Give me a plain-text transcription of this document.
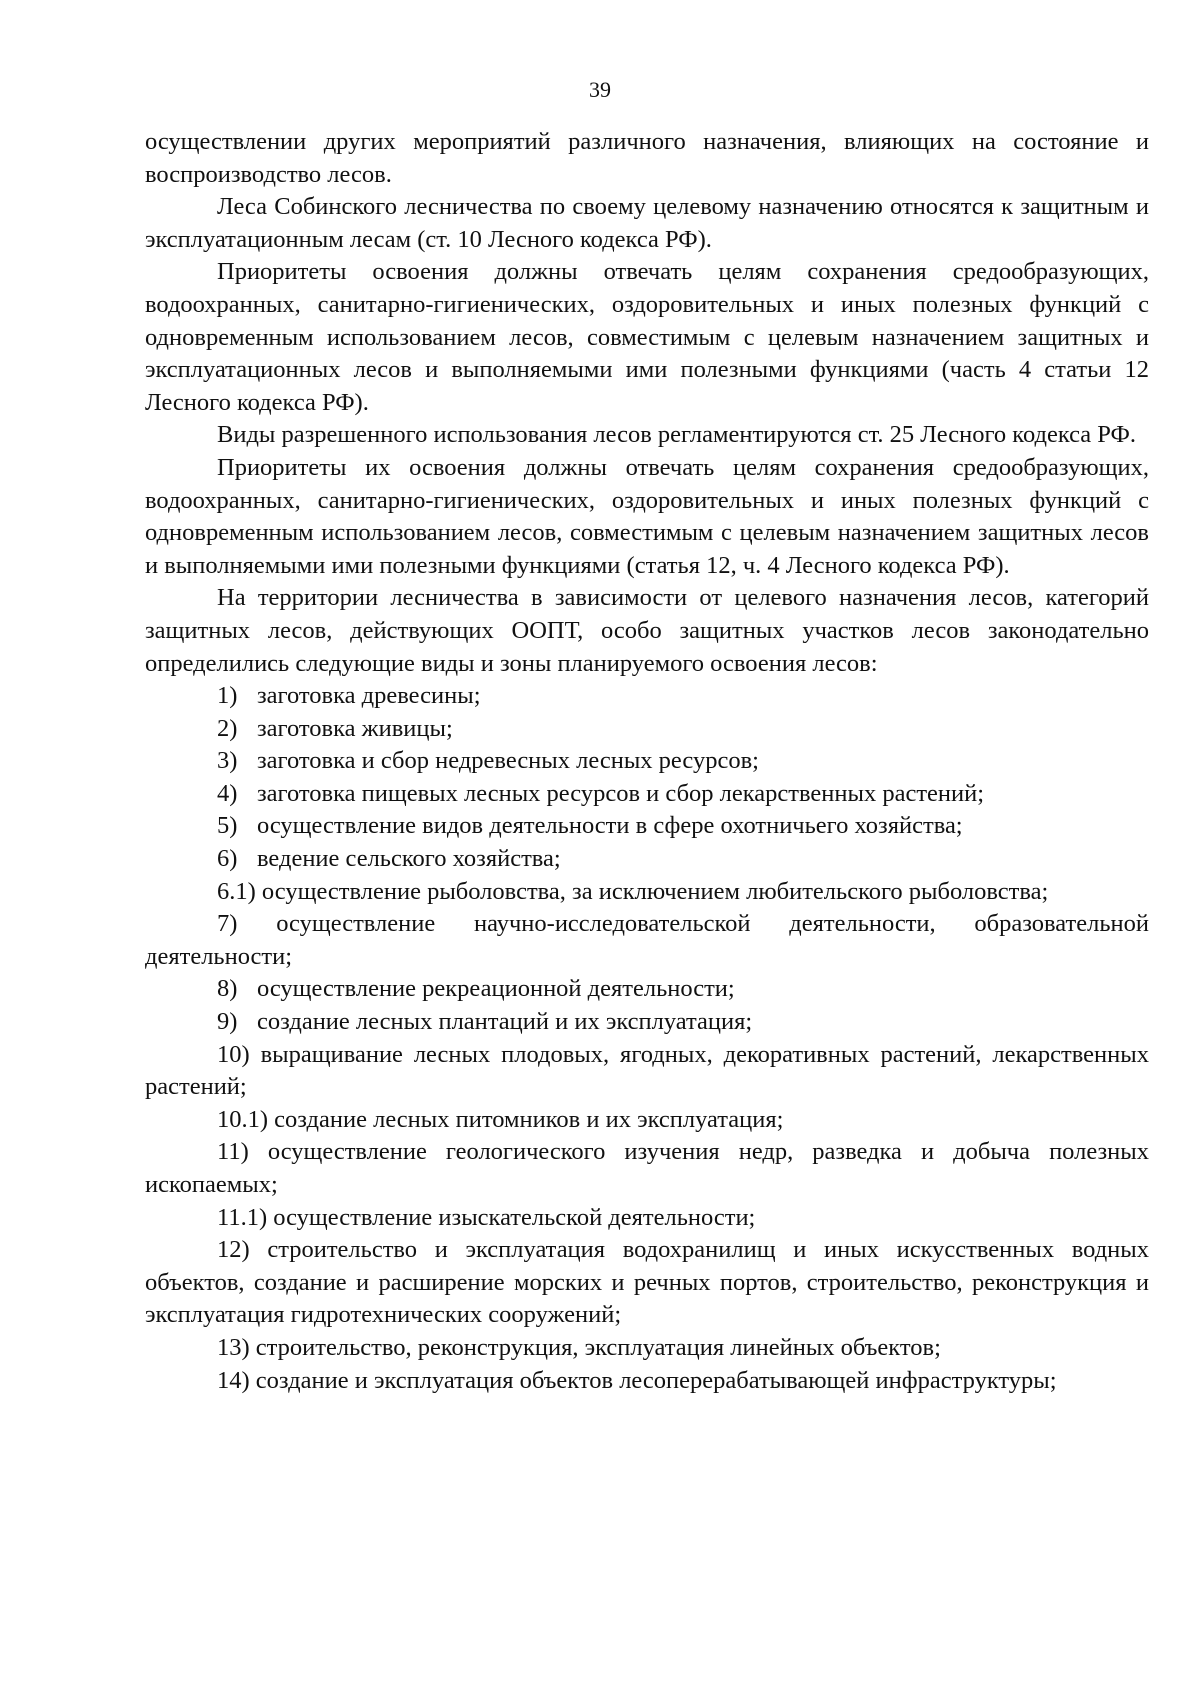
39

осуществлении других мероприятий различного назначения, влияющих на состояние и воспроизводство лесов.

Леса Собинского лесничества по своему целевому назначению относятся к защитным и эксплуатационным лесам (ст. 10 Лесного кодекса РФ).

Приоритеты освоения должны отвечать целям сохранения средообразующих, водоохранных, санитарно-гигиенических, оздоровительных и иных полезных функций с одновременным использованием лесов, совместимым с целевым назначением защитных и эксплуатационных лесов и выполняемыми ими полезными функциями (часть 4 статьи 12 Лесного кодекса РФ).

Виды разрешенного использования лесов регламентируются ст. 25 Лесного кодекса РФ.

Приоритеты их освоения должны отвечать целям сохранения средообразующих, водоохранных, санитарно-гигиенических, оздоровительных и иных полезных функций с одновременным использованием лесов, совместимым с целевым назначением защитных лесов и выполняемыми ими полезными функциями (статья 12, ч. 4 Лесного кодекса РФ).

На территории лесничества в зависимости от целевого назначения лесов, категорий защитных лесов, действующих ООПТ, особо защитных участков лесов законодательно определились следующие виды и зоны планируемого освоения лесов:

1) заготовка древесины;

2) заготовка живицы;

3) заготовка и сбор недревесных лесных ресурсов;

4) заготовка пищевых лесных ресурсов и сбор лекарственных растений;

5) осуществление видов деятельности в сфере охотничьего хозяйства;

6) ведение сельского хозяйства;

6.1) осуществление рыболовства, за исключением любительского рыболовства;

7) осуществление научно-исследовательской деятельности, образовательной деятельности;

8) осуществление рекреационной деятельности;

9) создание лесных плантаций и их эксплуатация;

10) выращивание лесных плодовых, ягодных, декоративных растений, лекарственных растений;

10.1) создание лесных питомников и их эксплуатация;

11) осуществление геологического изучения недр, разведка и добыча полезных ископаемых;

11.1) осуществление изыскательской деятельности;

12) строительство и эксплуатация водохранилищ и иных искусственных водных объектов, создание и расширение морских и речных портов, строительство, реконструкция и эксплуатация гидротехнических сооружений;

13) строительство, реконструкция, эксплуатация линейных объектов;

14) создание и эксплуатация объектов лесоперерабатывающей инфраструктуры;
